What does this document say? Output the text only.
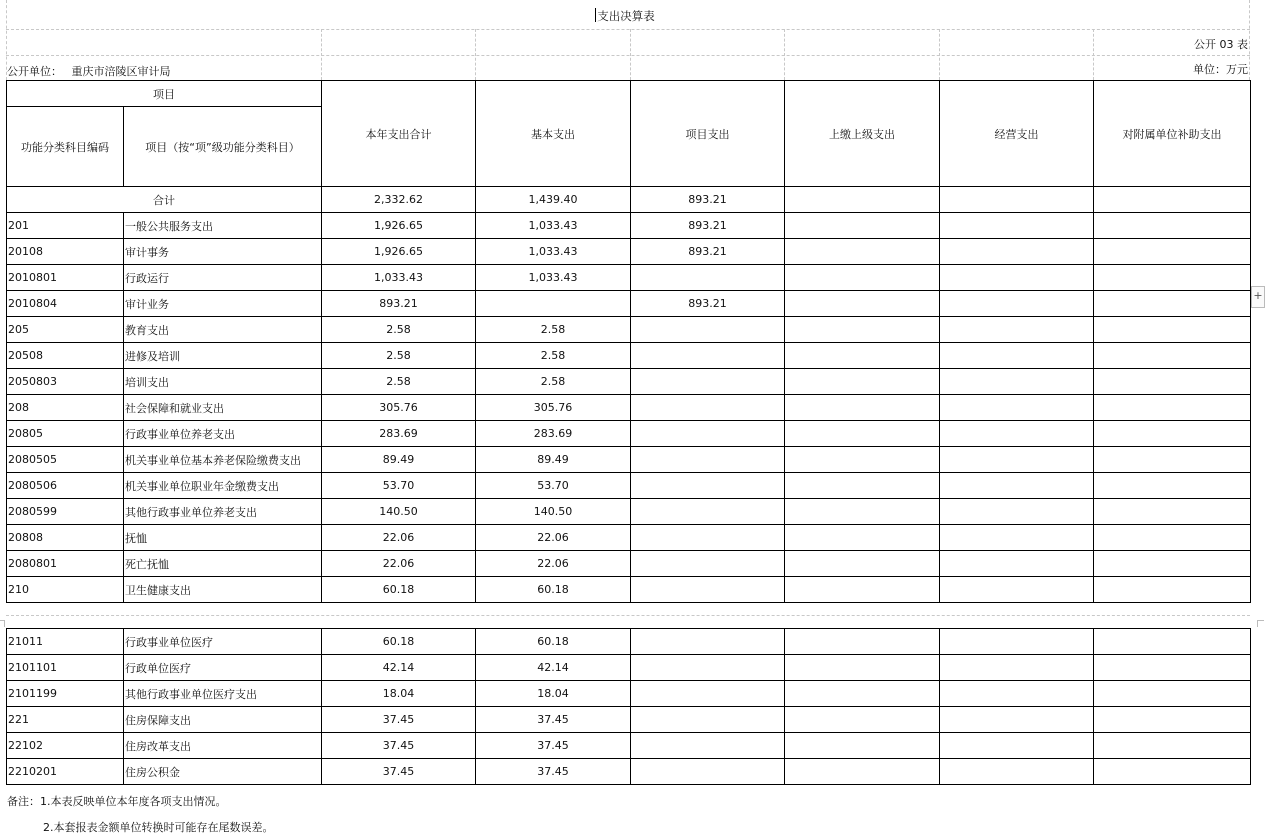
支出决算表
公开 03 表
公开单位： 重庆市涪陵区审计局	单位：万元
项目		本年支出合计	基本支出	项目支出	上缴上级支出	经营支出	对附属单位补助支出
功能分类科目编码	项目（按“项”级功能分类科目）						
合计		2,332.62	1,439.40	893.21			
201	一般公共服务支出	1,926.65	1,033.43	893.21			
20108	审计事务	1,926.65	1,033.43	893.21			
2010801	行政运行	1,033.43	1,033.43				
2010804	审计业务	893.21		893.21			
205	教育支出	2.58	2.58				
20508	进修及培训	2.58	2.58				
2050803	培训支出	2.58	2.58				
208	社会保障和就业支出	305.76	305.76				
20805	行政事业单位养老支出	283.69	283.69				
2080505	机关事业单位基本养老保险缴费支出	89.49	89.49				
2080506	机关事业单位职业年金缴费支出	53.70	53.70				
2080599	其他行政事业单位养老支出	140.50	140.50				
20808	抚恤	22.06	22.06				
2080801	死亡抚恤	22.06	22.06				
210	卫生健康支出	60.18	60.18				
21011	行政事业单位医疗	60.18	60.18				
2101101	行政单位医疗	42.14	42.14				
2101199	其他行政事业单位医疗支出	18.04	18.04				
221	住房保障支出	37.45	37.45				
22102	住房改革支出	37.45	37.45				
2210201	住房公积金	37.45	37.45				
备注：1.本表反映单位本年度各项支出情况。
2.本套报表金额单位转换时可能存在尾数误差。
+
